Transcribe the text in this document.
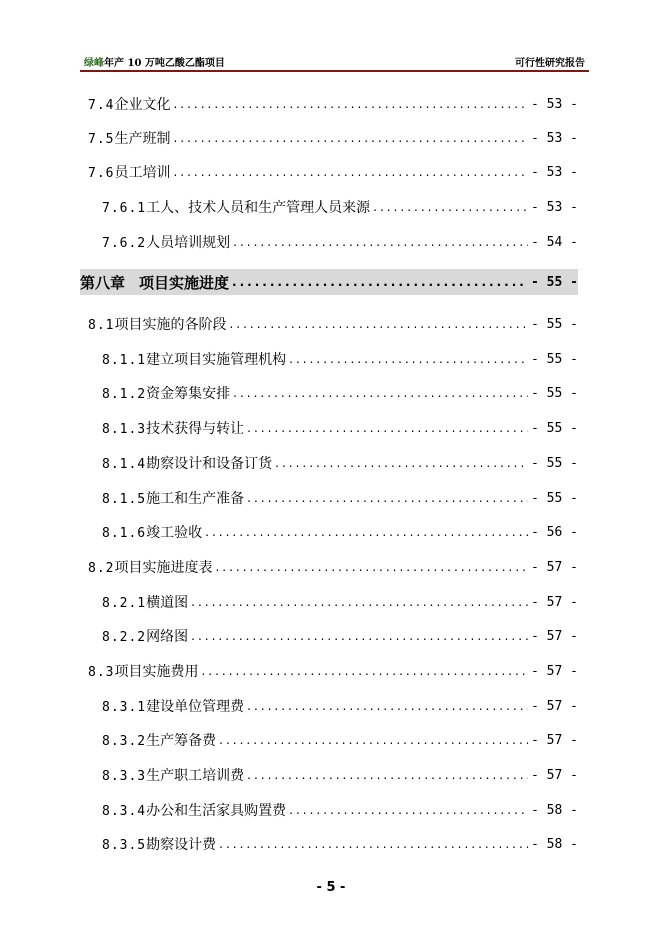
绿峰年产 10 万吨乙酸乙酯项目	可行性研究报告
7.4企业文化 .....	- 53 -
7.5生产班制 .....	- 53 -
7.6员工培训 .....	- 53 -
7.6.1工人、技术人员和生产管理人员来源 .....	- 53 -
7.6.2人员培训规划 .....	- 54 -
第八章 项目实施进度 .....	- 55 -
8.1项目实施的各阶段 .....	- 55 -
8.1.1建立项目实施管理机构 .....	- 55 -
8.1.2资金筹集安排 .....	- 55 -
8.1.3技术获得与转让 .....	- 55 -
8.1.4勘察设计和设备订货 .....	- 55 -
8.1.5施工和生产准备 .....	- 55 -
8.1.6竣工验收 .....	- 56 -
8.2项目实施进度表 .....	- 57 -
8.2.1横道图 .....	- 57 -
8.2.2网络图 .....	- 57 -
8.3项目实施费用 .....	- 57 -
8.3.1建设单位管理费 .....	- 57 -
8.3.2生产筹备费 .....	- 57 -
8.3.3生产职工培训费 .....	- 57 -
8.3.4办公和生活家具购置费 .....	- 58 -
8.3.5勘察设计费 .....	- 58 -
- 5 -
